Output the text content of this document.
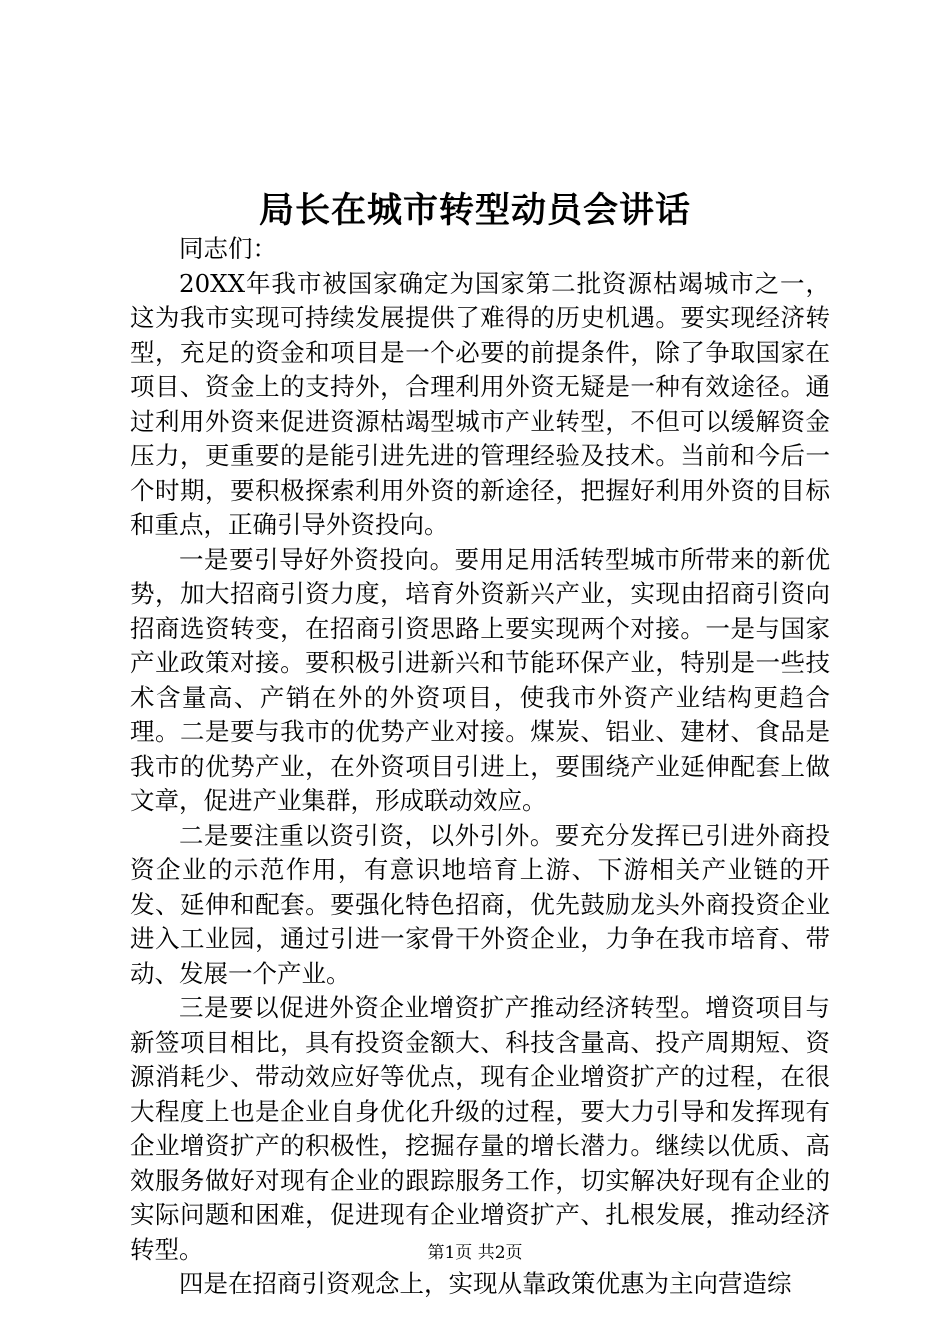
局长在城市转型动员会讲话

同志们：

20XX年我市被国家确定为国家第二批资源枯竭城市之一，这为我市实现可持续发展提供了难得的历史机遇。要实现经济转型，充足的资金和项目是一个必要的前提条件，除了争取国家在项目、资金上的支持外，合理利用外资无疑是一种有效途径。通过利用外资来促进资源枯竭型城市产业转型，不但可以缓解资金压力，更重要的是能引进先进的管理经验及技术。当前和今后一个时期，要积极探索利用外资的新途径，把握好利用外资的目标和重点，正确引导外资投向。

一是要引导好外资投向。要用足用活转型城市所带来的新优势，加大招商引资力度，培育外资新兴产业，实现由招商引资向招商选资转变，在招商引资思路上要实现两个对接。一是与国家产业政策对接。要积极引进新兴和节能环保产业，特别是一些技术含量高、产销在外的外资项目，使我市外资产业结构更趋合理。二是要与我市的优势产业对接。煤炭、铝业、建材、食品是我市的优势产业，在外资项目引进上，要围绕产业延伸配套上做文章，促进产业集群，形成联动效应。

二是要注重以资引资，以外引外。要充分发挥已引进外商投资企业的示范作用，有意识地培育上游、下游相关产业链的开发、延伸和配套。要强化特色招商，优先鼓励龙头外商投资企业进入工业园，通过引进一家骨干外资企业，力争在我市培育、带动、发展一个产业。

三是要以促进外资企业增资扩产推动经济转型。增资项目与新签项目相比，具有投资金额大、科技含量高、投产周期短、资源消耗少、带动效应好等优点，现有企业增资扩产的过程，在很大程度上也是企业自身优化升级的过程，要大力引导和发挥现有企业增资扩产的积极性，挖掘存量的增长潜力。继续以优质、高效服务做好对现有企业的跟踪服务工作，切实解决好现有企业的实际问题和困难，促进现有企业增资扩产、扎根发展，推动经济转型。

四是在招商引资观念上，实现从靠政策优惠为主向营造综

第1页 共2页
